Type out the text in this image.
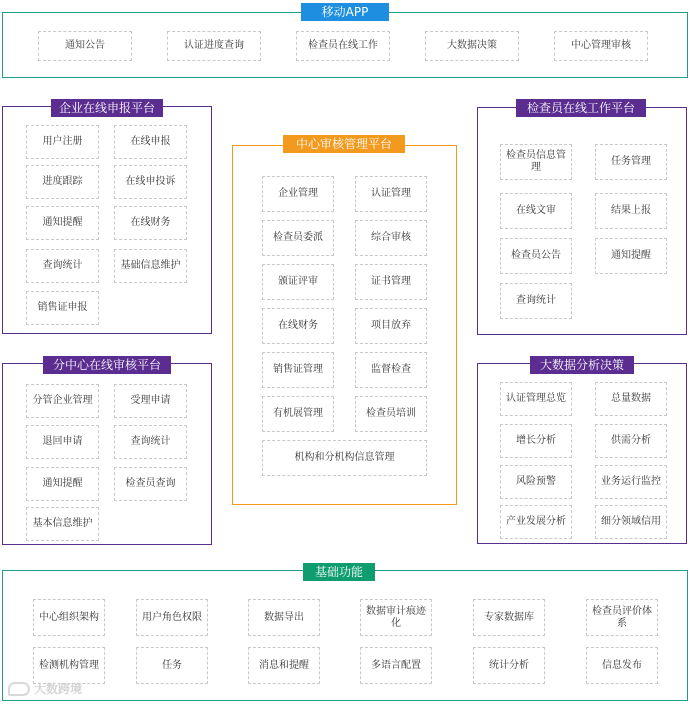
移动APP
通知公告	认证进度查询	检查员在线工作	大数据决策	中心管理审核
企业在线申报平台
用户注册	在线申报
进度跟踪	在线申投诉
通知提醒	在线财务
查询统计	基础信息维护
销售证申报
中心审核管理平台
企业管理	认证管理
检查员委派	综合审核
颁证评审	证书管理
在线财务	项目放弃
销售证管理	监督检查
有机展管理	检查员培训
机构和分机构信息管理
检查员在线工作平台
检查员信息管理
任务管理
在线文审	结果上报
检查员公告	通知提醒
查询统计
分中心在线审核平台
分管企业管理	受理申请
退回申请	查询统计
通知提醒	检查员查询
基本信息维护
大数据分析决策
认证管理总览	总量数据
增长分析	供需分析
风险预警	业务运行监控
产业发展分析	细分领域信用
基础功能
中心组织架构	用户角色权限	数据导出
数据审计痕迹化
专家数据库
检查员评价体系
检测机构管理	任务	消息和提醒	多语言配置	统计分析	信息发布
大数跨境
